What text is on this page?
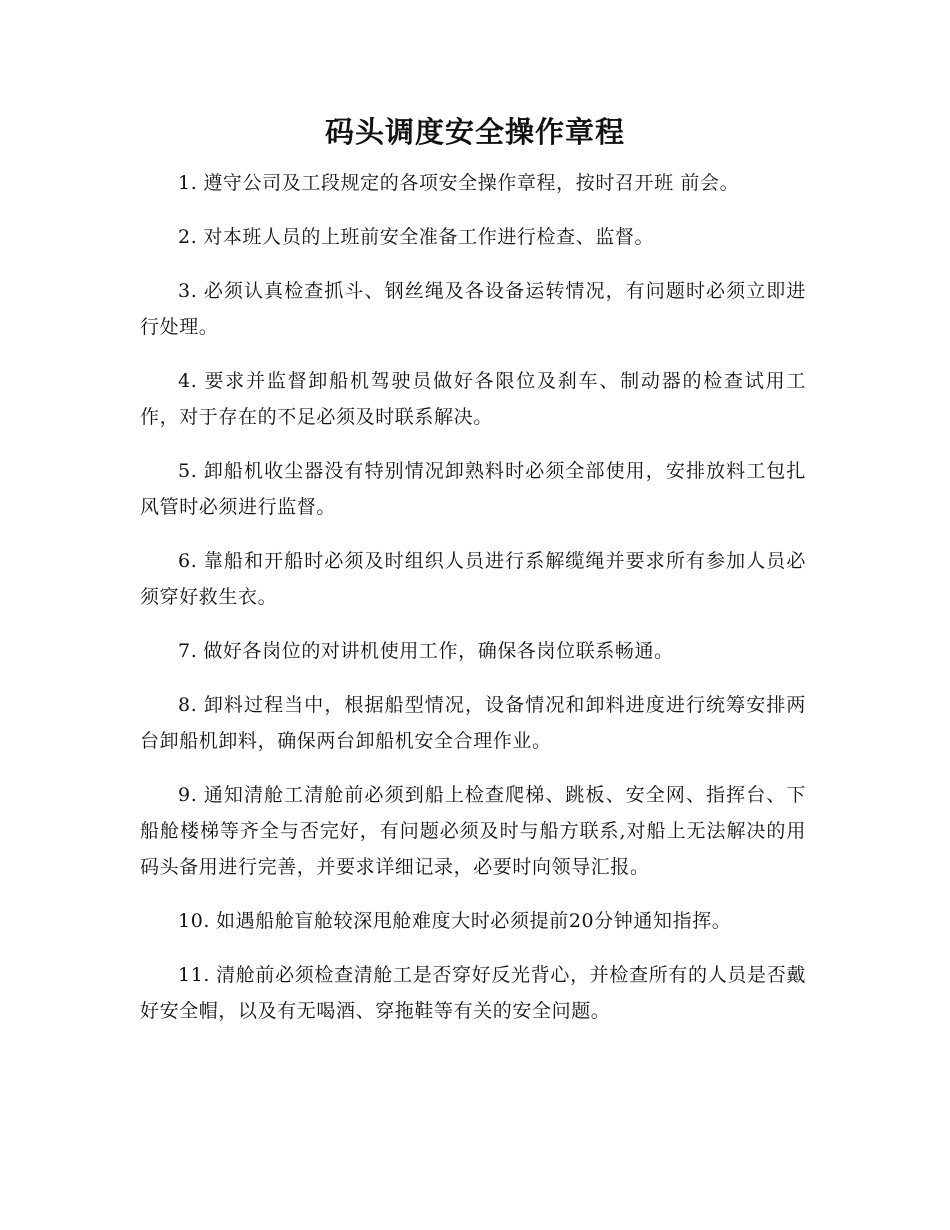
码头调度安全操作章程

1. 遵守公司及工段规定的各项安全操作章程，按时召开班 前会。

2. 对本班人员的上班前安全准备工作进行检查、监督。

3. 必须认真检查抓斗、钢丝绳及各设备运转情况，有问题时必须立即进行处理。

4. 要求并监督卸船机驾驶员做好各限位及刹车、制动器的检查试用工作，对于存在的不足必须及时联系解决。

5. 卸船机收尘器没有特别情况卸熟料时必须全部使用，安排放料工包扎风管时必须进行监督。

6. 靠船和开船时必须及时组织人员进行系解缆绳并要求所有参加人员必须穿好救生衣。

7. 做好各岗位的对讲机使用工作，确保各岗位联系畅通。

8. 卸料过程当中，根据船型情况，设备情况和卸料进度进行统筹安排两台卸船机卸料，确保两台卸船机安全合理作业。

9. 通知清舱工清舱前必须到船上检查爬梯、跳板、安全网、指挥台、下船舱楼梯等齐全与否完好，有问题必须及时与船方联系,对船上无法解决的用码头备用进行完善，并要求详细记录，必要时向领导汇报。

10. 如遇船舱盲舱较深甩舱难度大时必须提前20分钟通知指挥。

11. 清舱前必须检查清舱工是否穿好反光背心，并检查所有的人员是否戴好安全帽，以及有无喝酒、穿拖鞋等有关的安全问题。
